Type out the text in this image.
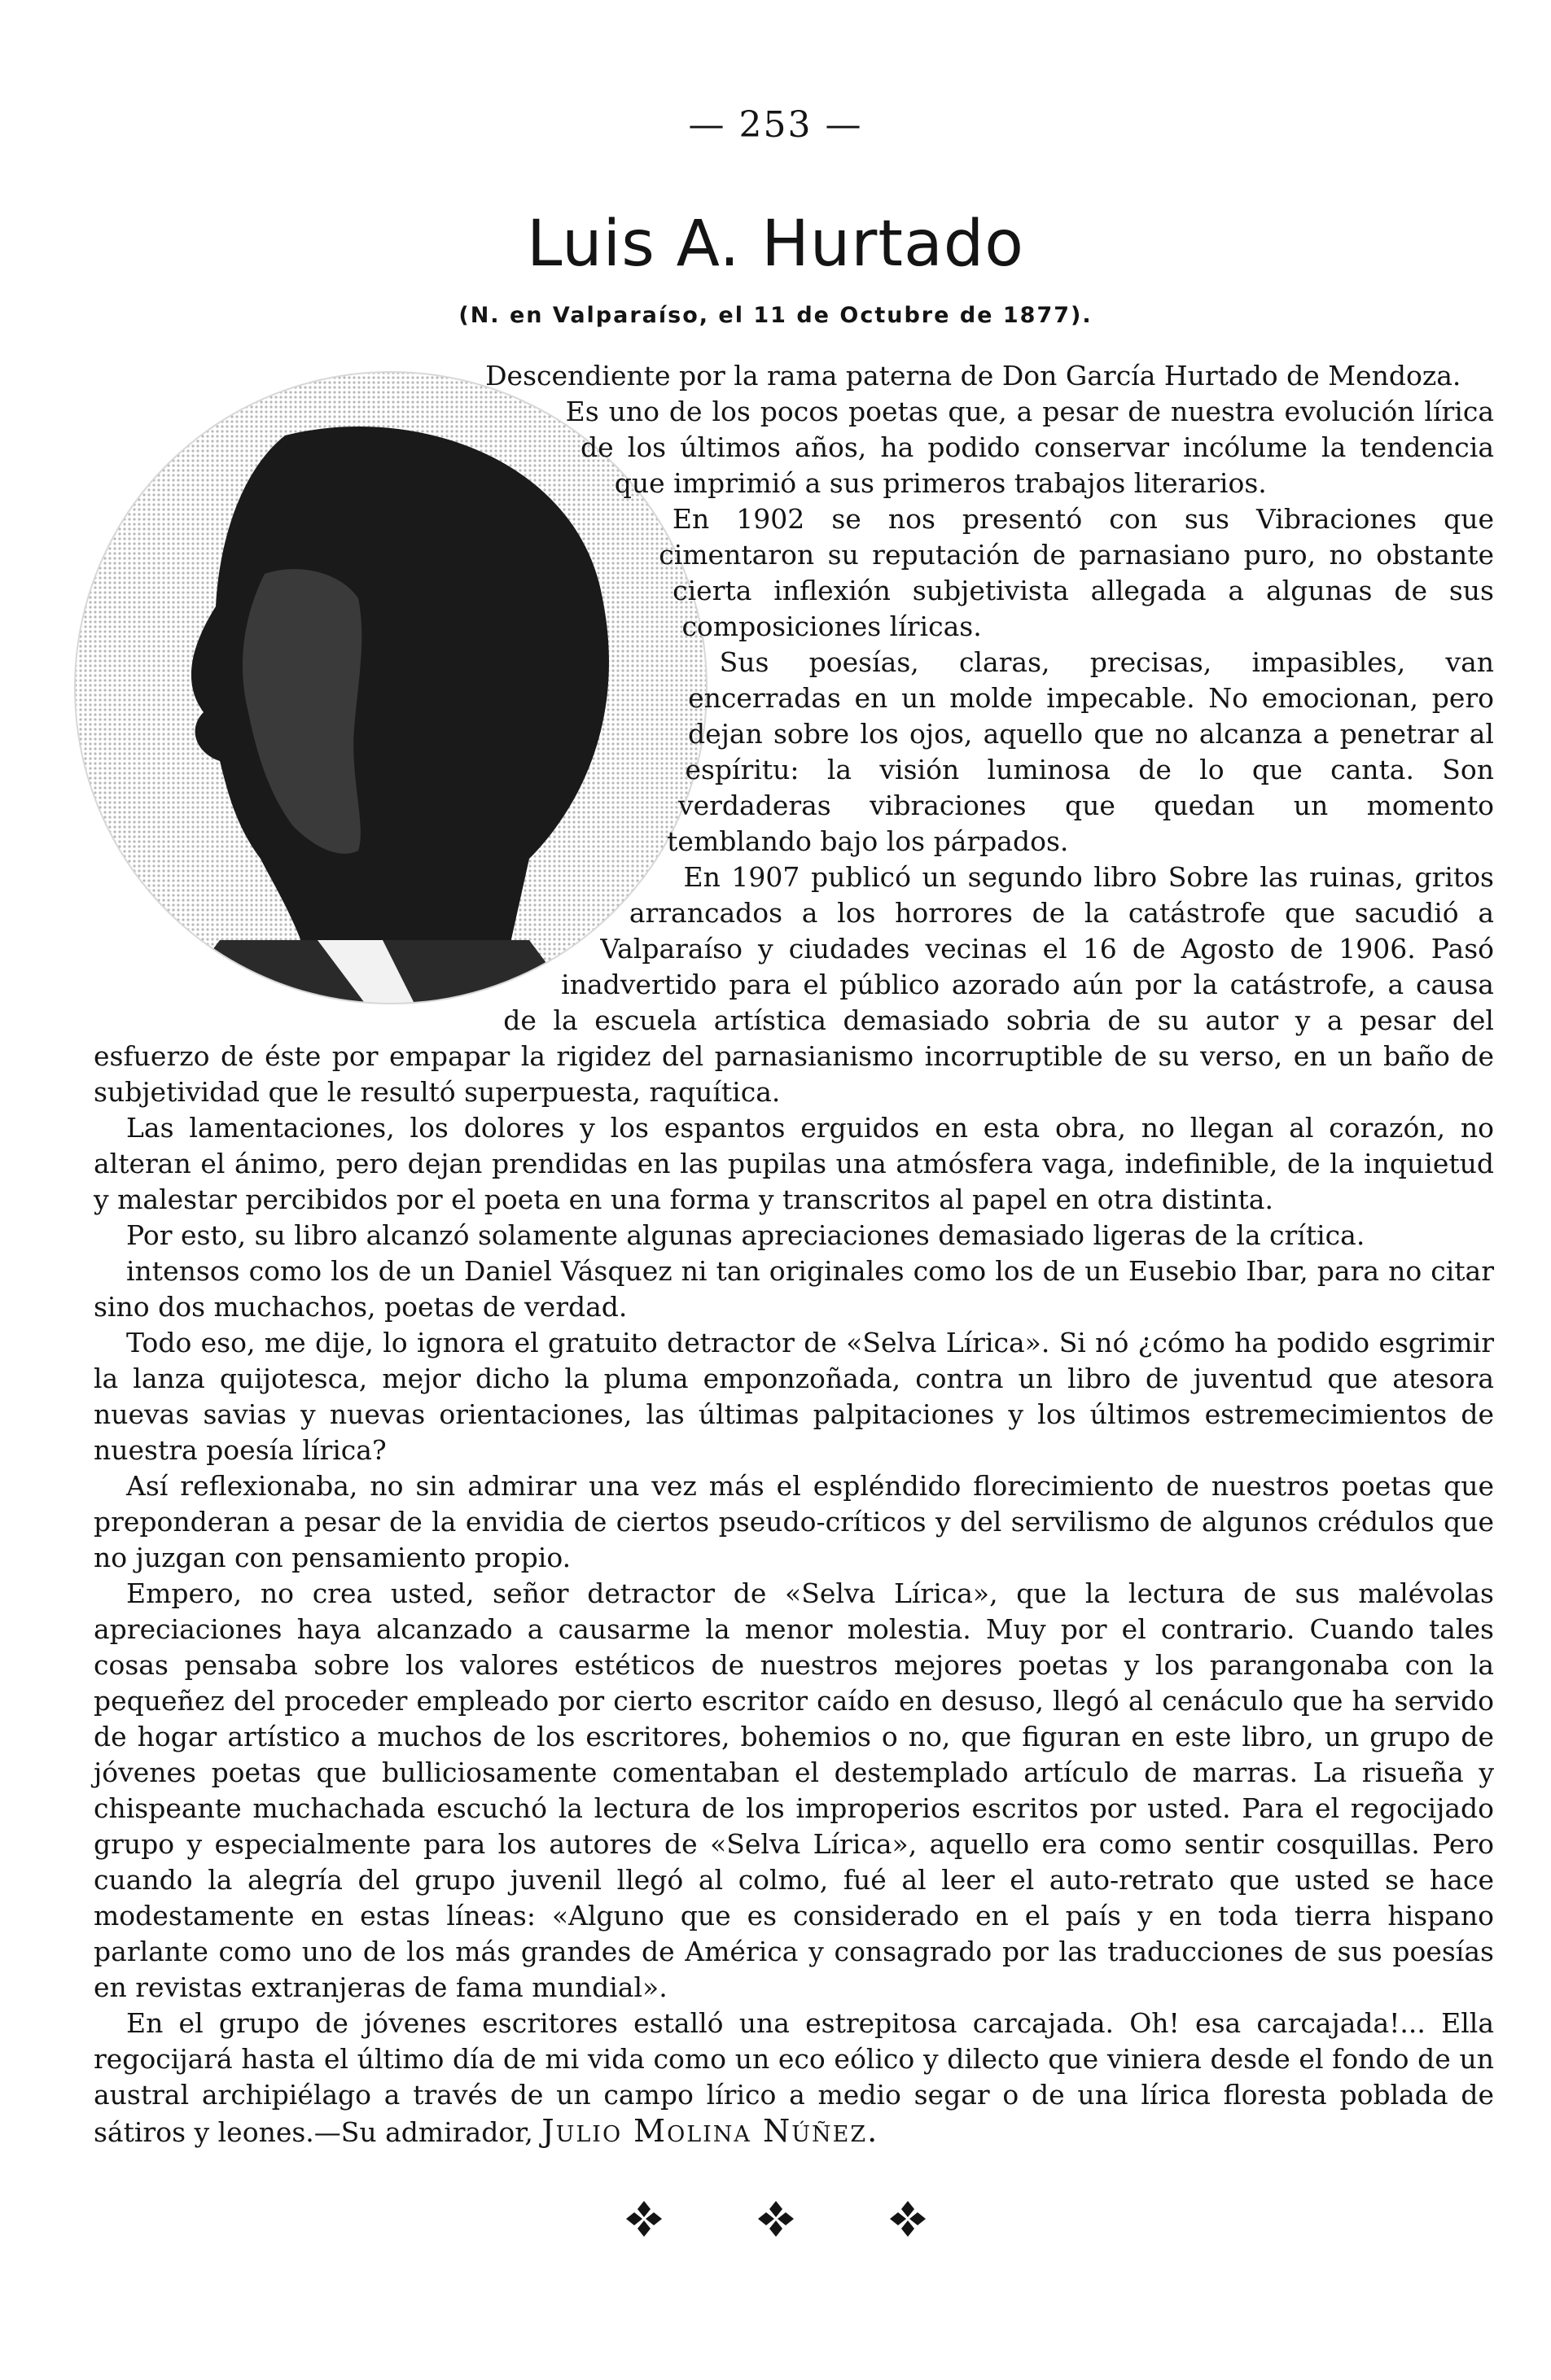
— 253 —
Luis A. Hurtado
(N. en Valparaíso, el 11 de Octubre de 1877).

Descendiente por la rama paterna de Don García Hurtado de Mendoza.

Es uno de los pocos poetas que, a pesar de nuestra evolución lírica de los últimos años, ha podido conservar incólume la tendencia que imprimió a sus primeros trabajos literarios.

En 1902 se nos presentó con sus Vibraciones que cimentaron su reputación de parnasiano puro, no obstante cierta inflexión subjetivista allegada a algunas de sus composiciones líricas.

Sus poesías, claras, precisas, impasibles, van encerradas en un molde impecable. No emocionan, pero dejan sobre los ojos, aquello que no alcanza a penetrar al espíritu: la visión luminosa de lo que canta. Son verdaderas vibraciones que quedan un momento temblando bajo los párpados.

En 1907 publicó un segundo libro Sobre las ruinas, gritos arrancados a los horrores de la catástrofe que sacudió a Valparaíso y ciudades vecinas el 16 de Agosto de 1906. Pasó inadvertido para el público azorado aún por la catástrofe, a causa de la escuela artística demasiado sobria de su autor y a pesar del esfuerzo de éste por empapar la rigidez del parnasianismo incorruptible de su verso, en un baño de subjetividad que le resultó superpuesta, raquítica.

Las lamentaciones, los dolores y los espantos erguidos en esta obra, no llegan al corazón, no alteran el ánimo, pero dejan prendidas en las pupilas una atmósfera vaga, indefinible, de la inquietud y malestar percibidos por el poeta en una forma y transcritos al papel en otra distinta.

Por esto, su libro alcanzó solamente algunas apreciaciones demasiado ligeras de la crítica.

intensos como los de un Daniel Vásquez ni tan originales como los de un Eusebio Ibar, para no citar sino dos muchachos, poetas de verdad.

Todo eso, me dije, lo ignora el gratuito detractor de «Selva Lírica». Si nó ¿cómo ha podido esgrimir la lanza quijotesca, mejor dicho la pluma emponzoñada, contra un libro de juventud que atesora nuevas savias y nuevas orientaciones, las últimas palpitaciones y los últimos estremecimientos de nuestra poesía lírica?

Así reflexionaba, no sin admirar una vez más el espléndido florecimiento de nuestros poetas que preponderan a pesar de la envidia de ciertos pseudo-críticos y del servilismo de algunos crédulos que no juzgan con pensamiento propio.

Empero, no crea usted, señor detractor de «Selva Lírica», que la lectura de sus malévolas apreciaciones haya alcanzado a causarme la menor molestia. Muy por el contrario. Cuando tales cosas pensaba sobre los valores estéticos de nuestros mejores poetas y los parangonaba con la pequeñez del proceder empleado por cierto escritor caído en desuso, llegó al cenáculo que ha servido de hogar artístico a muchos de los escritores, bohemios o no, que figuran en este libro, un grupo de jóvenes poetas que bulliciosamente comentaban el destemplado artículo de marras. La risueña y chispeante muchachada escuchó la lectura de los improperios escritos por usted. Para el regocijado grupo y especialmente para los autores de «Selva Lírica», aquello era como sentir cosquillas. Pero cuando la alegría del grupo juvenil llegó al colmo, fué al leer el auto-retrato que usted se hace modestamente en estas líneas: «Alguno que es considerado en el país y en toda tierra hispano parlante como uno de los más grandes de América y consagrado por las traducciones de sus poesías en revistas extranjeras de fama mundial».

En el grupo de jóvenes escritores estalló una estrepitosa carcajada. Oh! esa carcajada!... Ella regocijará hasta el último día de mi vida como un eco eólico y dilecto que viniera desde el fondo de un austral archipiélago a través de un campo lírico a medio segar o de una lírica floresta poblada de sátiros y leones.—Su admirador, Julio Molina Núñez.
